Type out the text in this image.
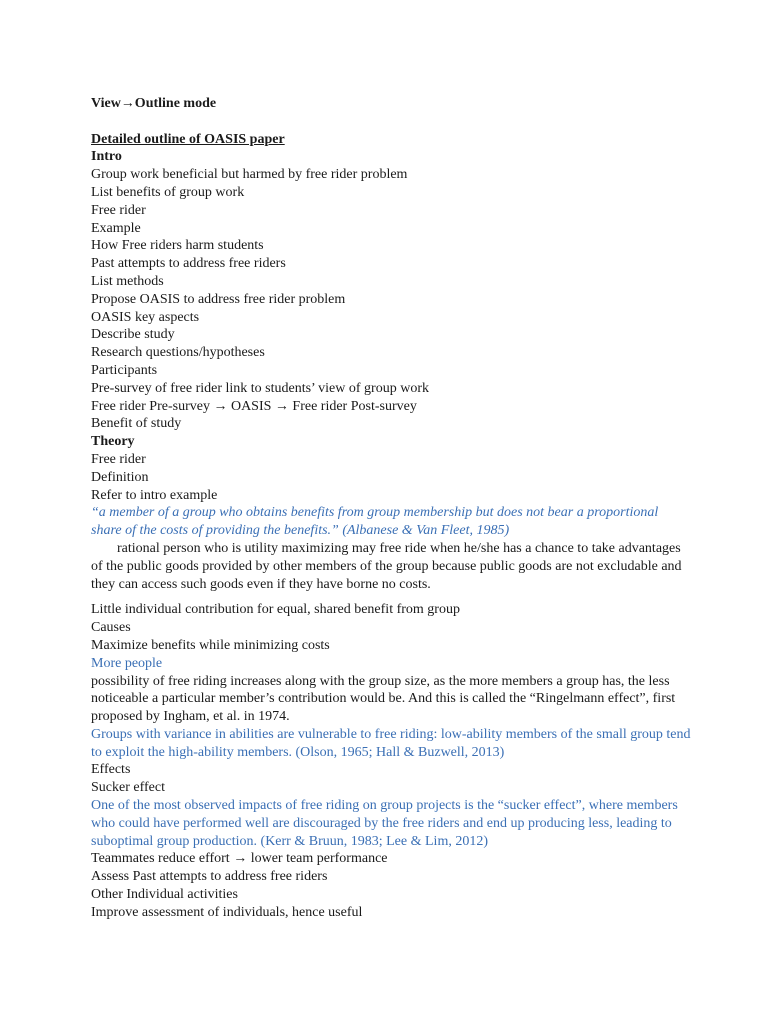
View→Outline mode
Detailed outline of OASIS paper
Intro
Group work beneficial but harmed by free rider problem
List benefits of group work
Free rider
Example
How Free riders harm students
Past attempts to address free riders
List methods
Propose OASIS to address free rider problem
OASIS key aspects
Describe study
Research questions/hypotheses
Participants
Pre-survey of free rider link to students’ view of group work
Free rider Pre-survey → OASIS → Free rider Post-survey
Benefit of study
Theory
Free rider
Definition
Refer to intro example
“a member of a group who obtains benefits from group membership but does not bear a proportional share of the costs of providing the benefits.” (Albanese & Van Fleet, 1985)
rational person who is utility maximizing may free ride when he/she has a chance to take advantages of the public goods provided by other members of the group because public goods are not excludable and they can access such goods even if they have borne no costs.
Little individual contribution for equal, shared benefit from group
Causes
Maximize benefits while minimizing costs
More people
possibility of free riding increases along with the group size, as the more members a group has, the less noticeable a particular member’s contribution would be. And this is called the “Ringelmann effect”, first proposed by Ingham, et al. in 1974.
Groups with variance in abilities are vulnerable to free riding: low-ability members of the small group tend to exploit the high-ability members. (Olson, 1965; Hall & Buzwell, 2013)
Effects
Sucker effect
One of the most observed impacts of free riding on group projects is the “sucker effect”, where members who could have performed well are discouraged by the free riders and end up producing less, leading to suboptimal group production. (Kerr & Bruun, 1983; Lee & Lim, 2012)
Teammates reduce effort → lower team performance
Assess Past attempts to address free riders
Other Individual activities
Improve assessment of individuals, hence useful
